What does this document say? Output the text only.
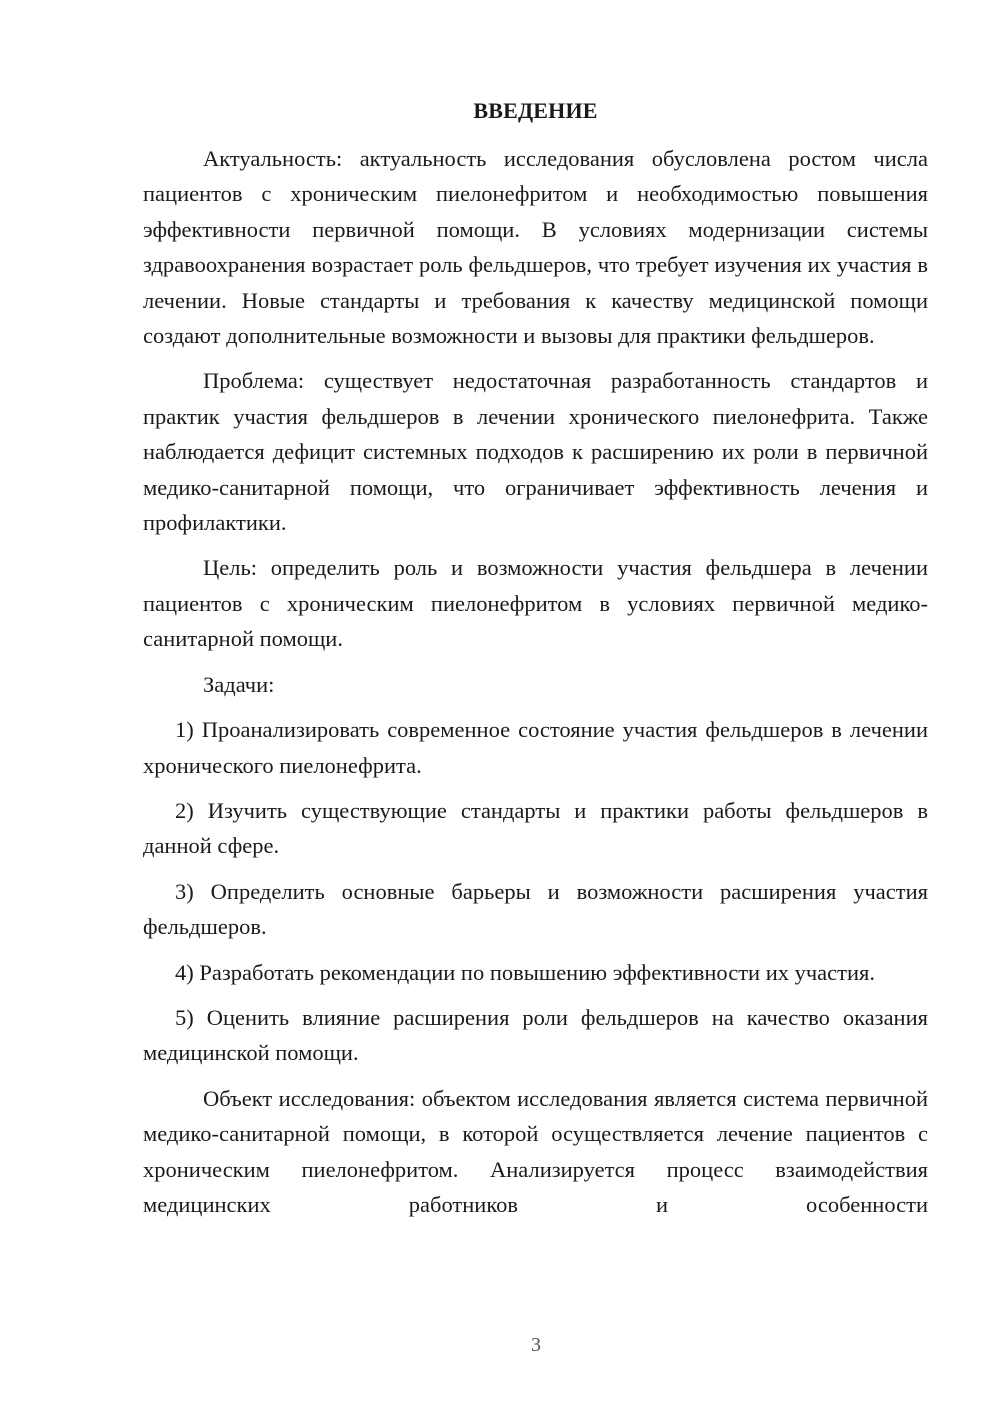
ВВЕДЕНИЕ

Актуальность: актуальность исследования обусловлена ростом числа пациентов с хроническим пиелонефритом и необходимостью повышения эффективности первичной помощи. В условиях модернизации системы здравоохранения возрастает роль фельдшеров, что требует изучения их участия в лечении. Новые стандарты и требования к качеству медицинской помощи создают дополнительные возможности и вызовы для практики фельдшеров.

Проблема: существует недостаточная разработанность стандартов и практик участия фельдшеров в лечении хронического пиелонефрита. Также наблюдается дефицит системных подходов к расширению их роли в первичной медико-санитарной помощи, что ограничивает эффективность лечения и профилактики.

Цель: определить роль и возможности участия фельдшера в лечении пациентов с хроническим пиелонефритом в условиях первичной медико-санитарной помощи.

Задачи:

1) Проанализировать современное состояние участия фельдшеров в лечении хронического пиелонефрита.

2) Изучить существующие стандарты и практики работы фельдшеров в данной сфере.

3) Определить основные барьеры и возможности расширения участия фельдшеров.

4) Разработать рекомендации по повышению эффективности их участия.

5) Оценить влияние расширения роли фельдшеров на качество оказания медицинской помощи.

Объект исследования: объектом исследования является система первичной медико-санитарной помощи, в которой осуществляется лечение пациентов с хроническим пиелонефритом. Анализируется процесс взаимодействия медицинских работников и особенности

3
